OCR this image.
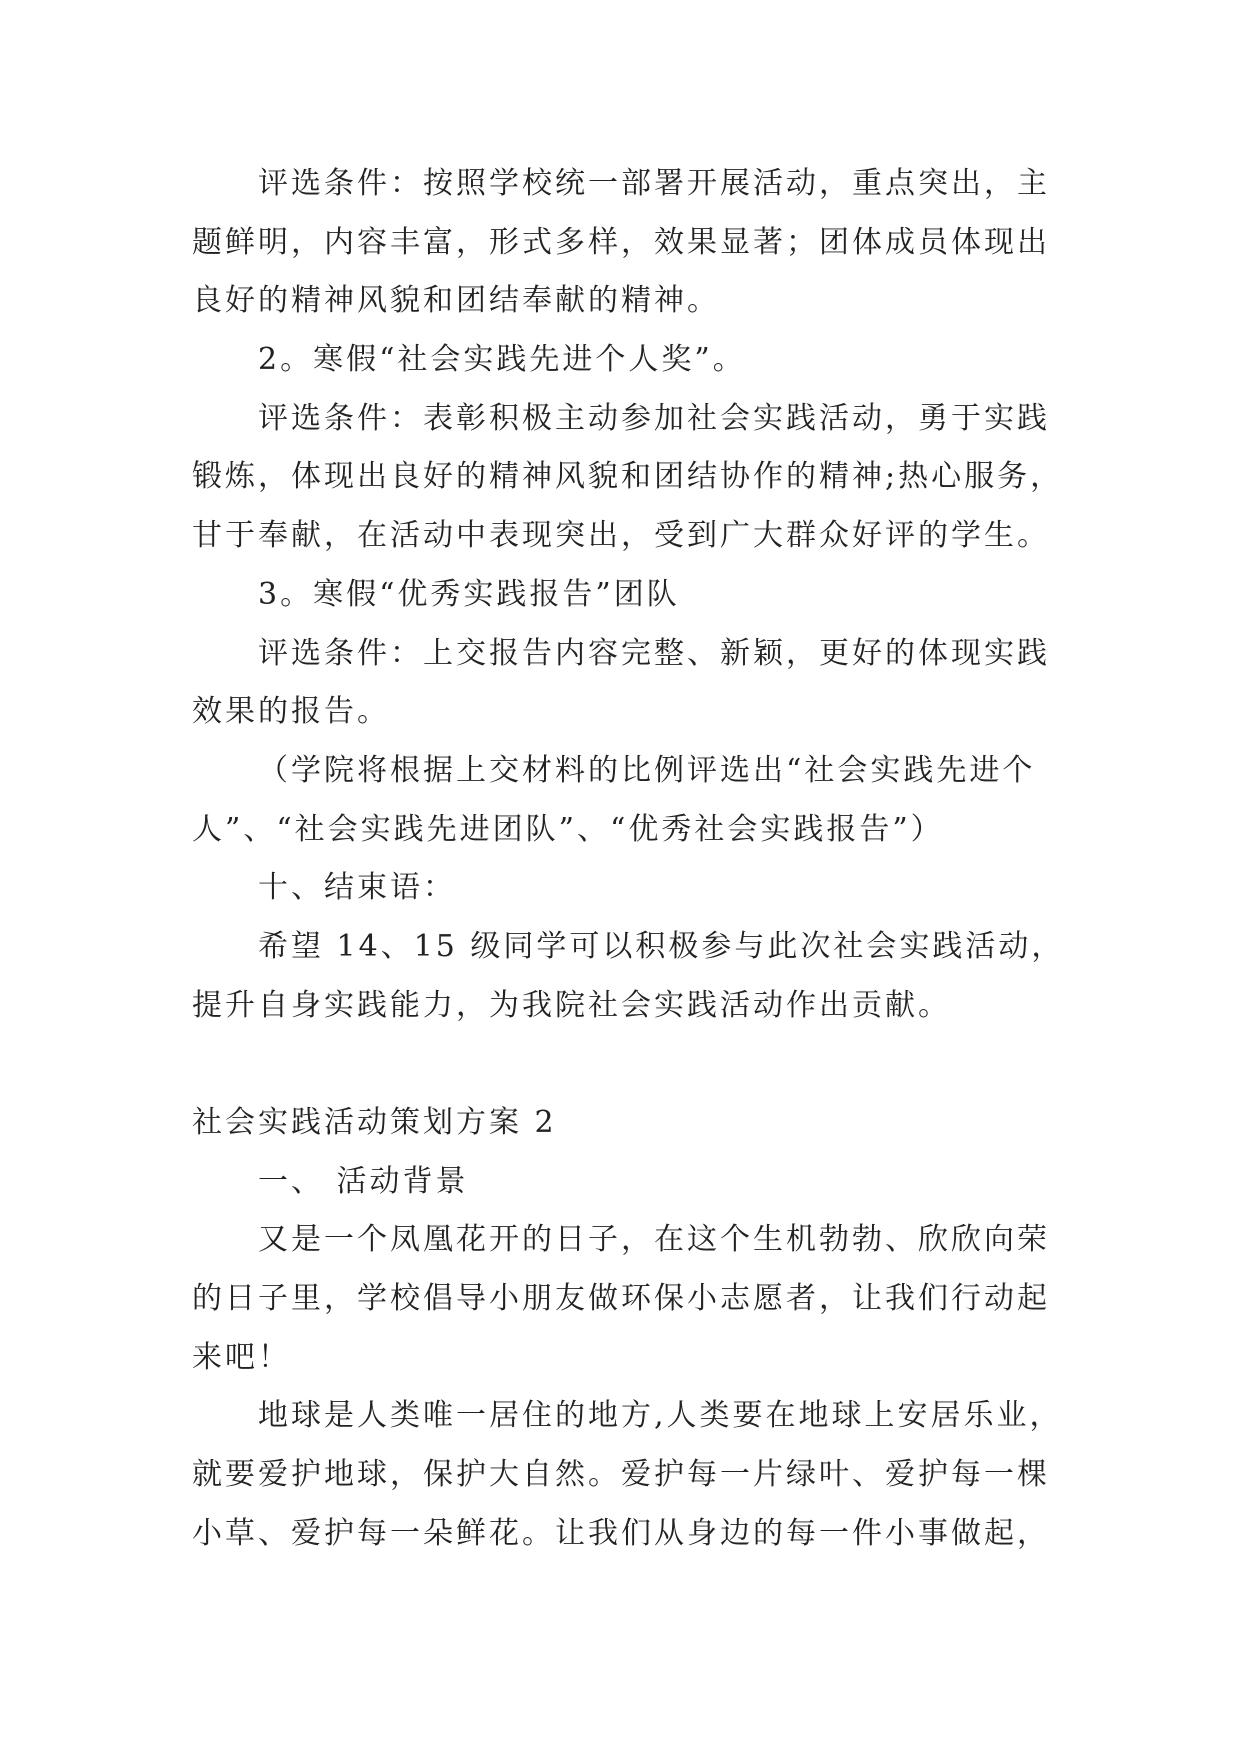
评选条件：按照学校统一部署开展活动，重点突出，主
题鲜明，内容丰富，形式多样，效果显著；团体成员体现出
良好的精神风貌和团结奉献的精神。
2。寒假“社会实践先进个人奖”。
评选条件：表彰积极主动参加社会实践活动，勇于实践
锻炼，体现出良好的精神风貌和团结协作的精神;热心服务，
甘于奉献，在活动中表现突出，受到广大群众好评的学生。
3。寒假“优秀实践报告”团队
评选条件：上交报告内容完整、新颖，更好的体现实践
效果的报告。
（学院将根据上交材料的比例评选出“社会实践先进个
人”、“社会实践先进团队”、“优秀社会实践报告”）
十、结束语：
希望 14、15 级同学可以积极参与此次社会实践活动，
提升自身实践能力，为我院社会实践活动作出贡献。
社会实践活动策划方案 2
一、 活动背景
又是一个凤凰花开的日子，在这个生机勃勃、欣欣向荣
的日子里，学校倡导小朋友做环保小志愿者，让我们行动起
来吧！
地球是人类唯一居住的地方,人类要在地球上安居乐业，
就要爱护地球，保护大自然。爱护每一片绿叶、爱护每一棵
小草、爱护每一朵鲜花。让我们从身边的每一件小事做起，
